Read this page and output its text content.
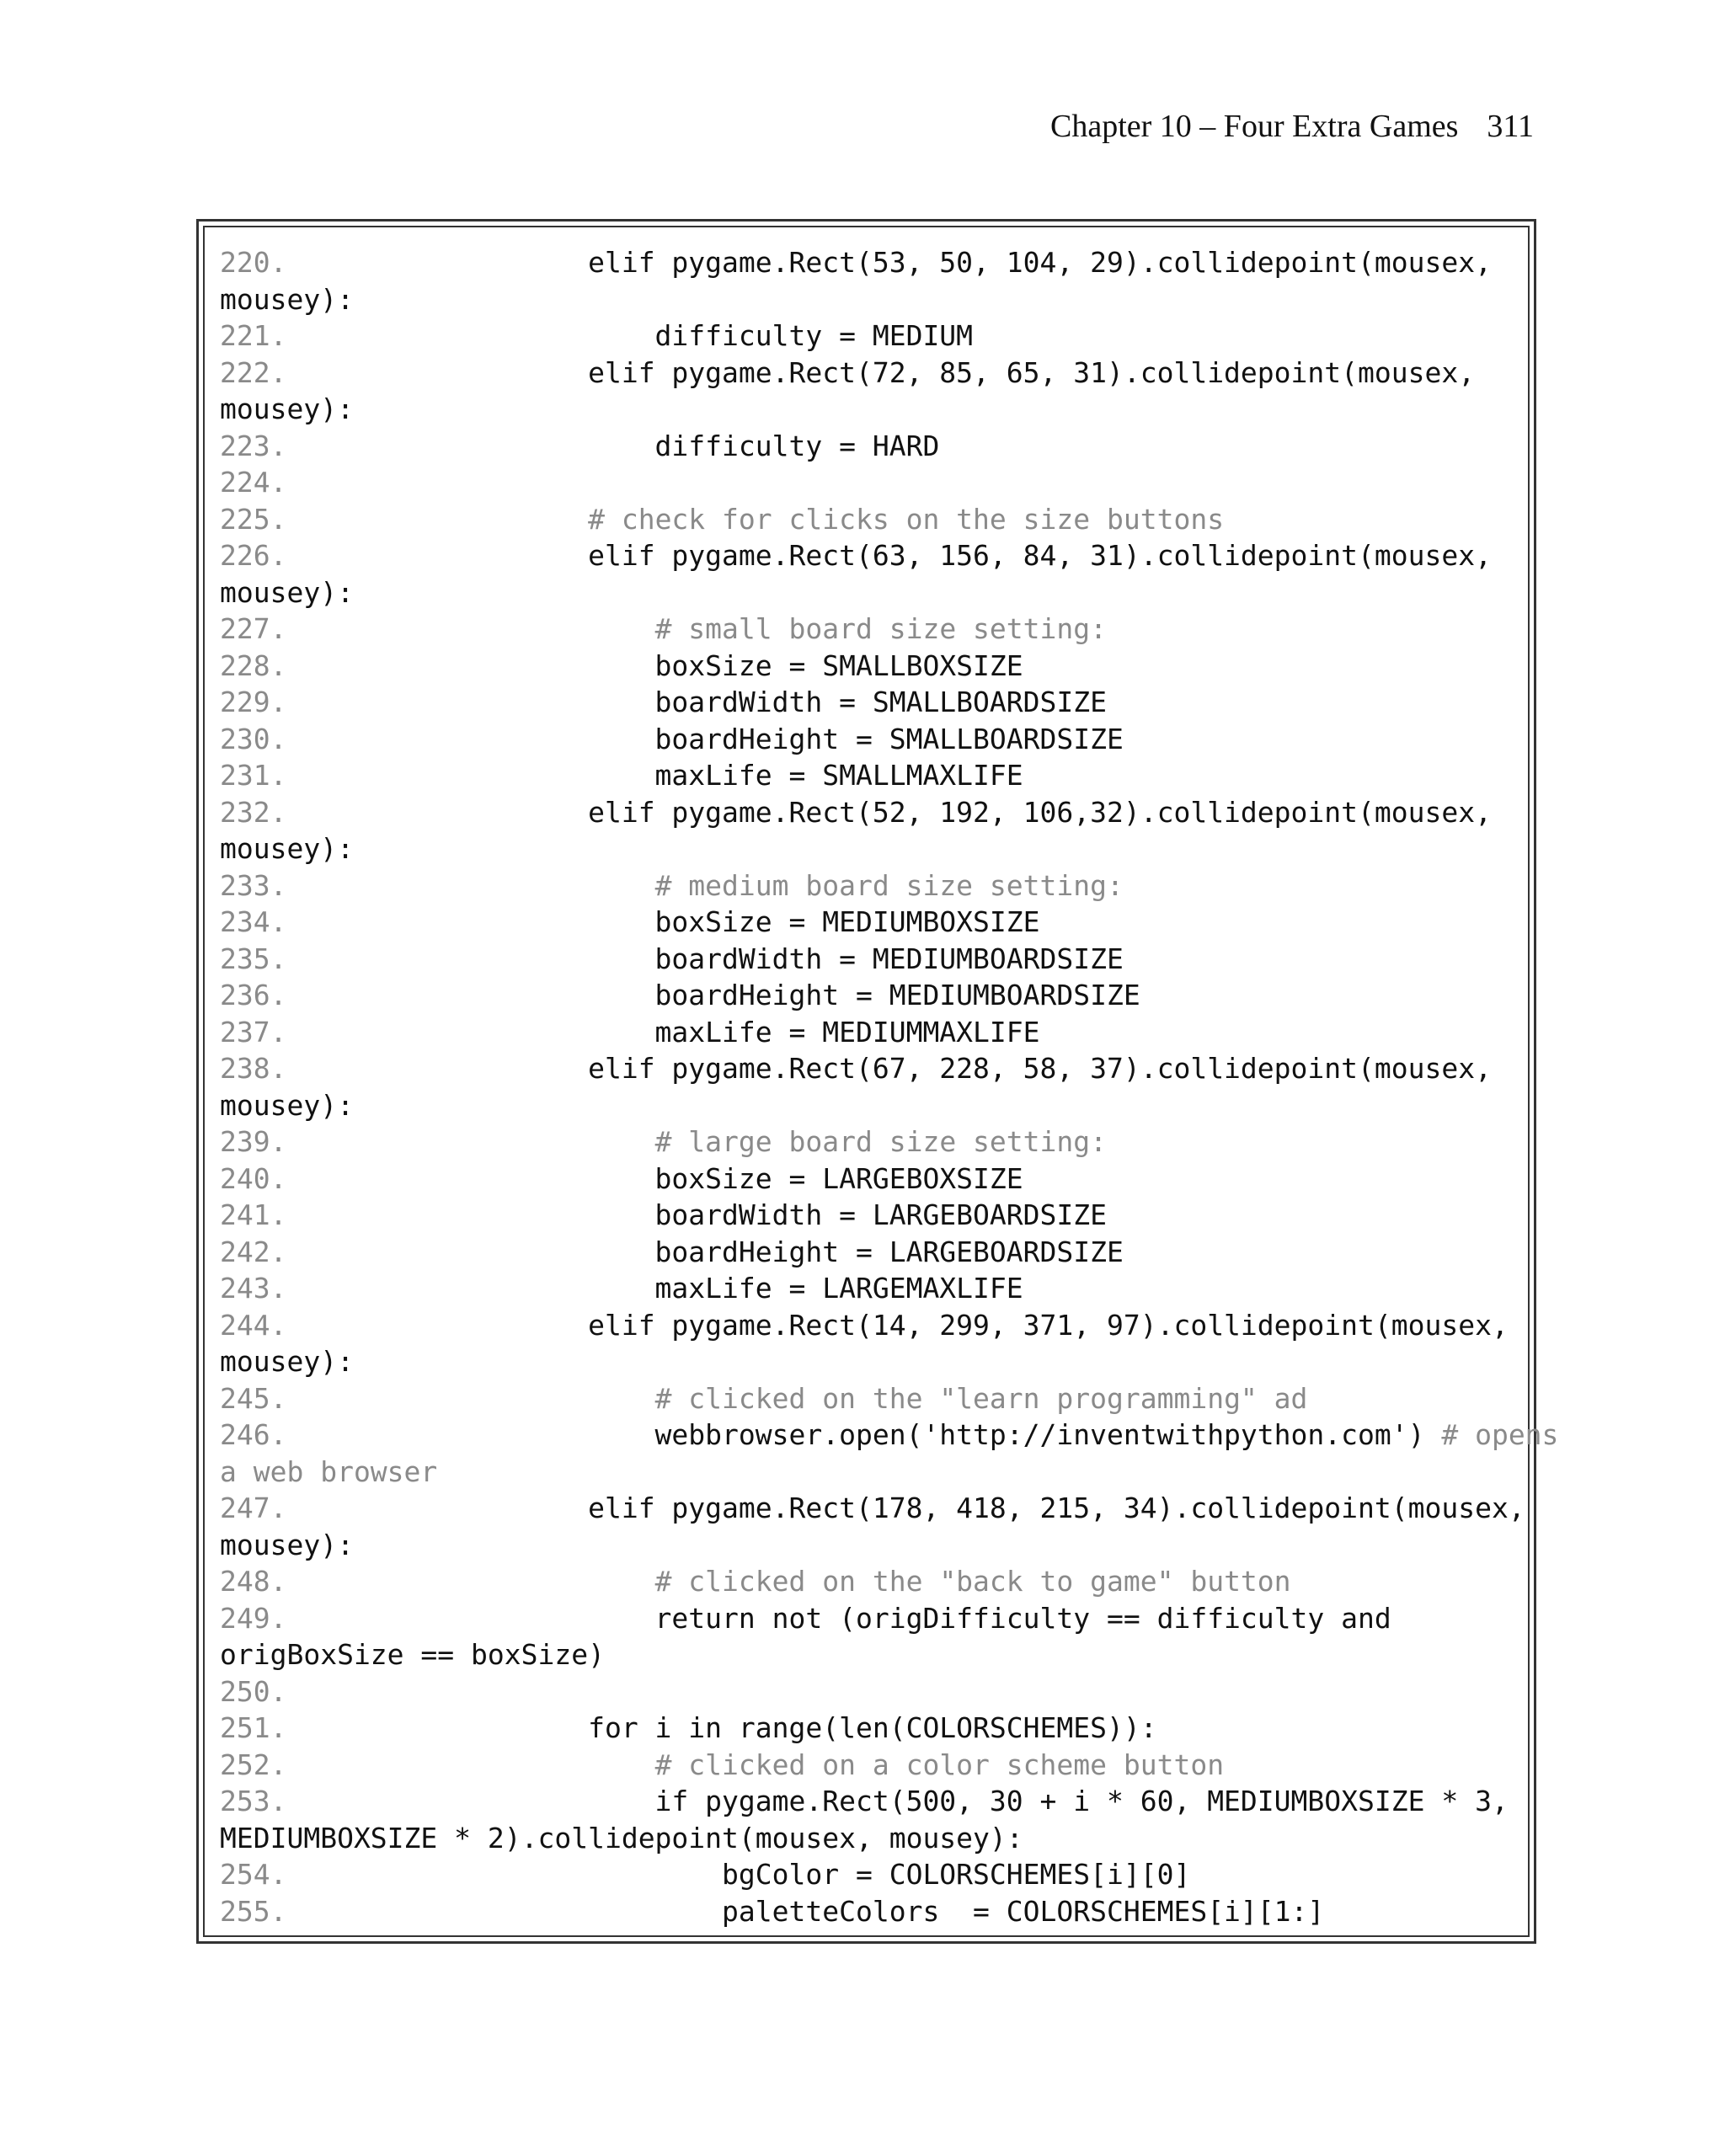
Chapter 10 – Four Extra Games 311
220.                  elif pygame.Rect(53, 50, 104, 29).collidepoint(mousex,
mousey):
221.                      difficulty = MEDIUM
222.                  elif pygame.Rect(72, 85, 65, 31).collidepoint(mousex,
mousey):
223.                      difficulty = HARD
224.
225.	# check for clicks on the size buttons
226.                  elif pygame.Rect(63, 156, 84, 31).collidepoint(mousex,
mousey):
227.	# small board size setting:
228.                      boxSize = SMALLBOXSIZE
229.                      boardWidth = SMALLBOARDSIZE
230.                      boardHeight = SMALLBOARDSIZE
231.                      maxLife = SMALLMAXLIFE
232.                  elif pygame.Rect(52, 192, 106,32).collidepoint(mousex,
mousey):
233.	# medium board size setting:
234.                      boxSize = MEDIUMBOXSIZE
235.                      boardWidth = MEDIUMBOARDSIZE
236.                      boardHeight = MEDIUMBOARDSIZE
237.                      maxLife = MEDIUMMAXLIFE
238.                  elif pygame.Rect(67, 228, 58, 37).collidepoint(mousex,
mousey):
239.	# large board size setting:
240.                      boxSize = LARGEBOXSIZE
241.                      boardWidth = LARGEBOARDSIZE
242.                      boardHeight = LARGEBOARDSIZE
243.                      maxLife = LARGEMAXLIFE
244.                  elif pygame.Rect(14, 299, 371, 97).collidepoint(mousex,
mousey):
245.	# clicked on the "learn programming" ad
246.                      webbrowser.open('http://inventwithpython.com') # opens
a web browser
247.                  elif pygame.Rect(178, 418, 215, 34).collidepoint(mousex,
mousey):
248.	# clicked on the "back to game" button
249.                      return not (origDifficulty == difficulty and
origBoxSize == boxSize)
250.
251.                  for i in range(len(COLORSCHEMES)):
252.	# clicked on a color scheme button
253.                      if pygame.Rect(500, 30 + i * 60, MEDIUMBOXSIZE * 3,
MEDIUMBOXSIZE * 2).collidepoint(mousex, mousey):
254.                          bgColor = COLORSCHEMES[i][0]
255.                          paletteColors  = COLORSCHEMES[i][1:]
